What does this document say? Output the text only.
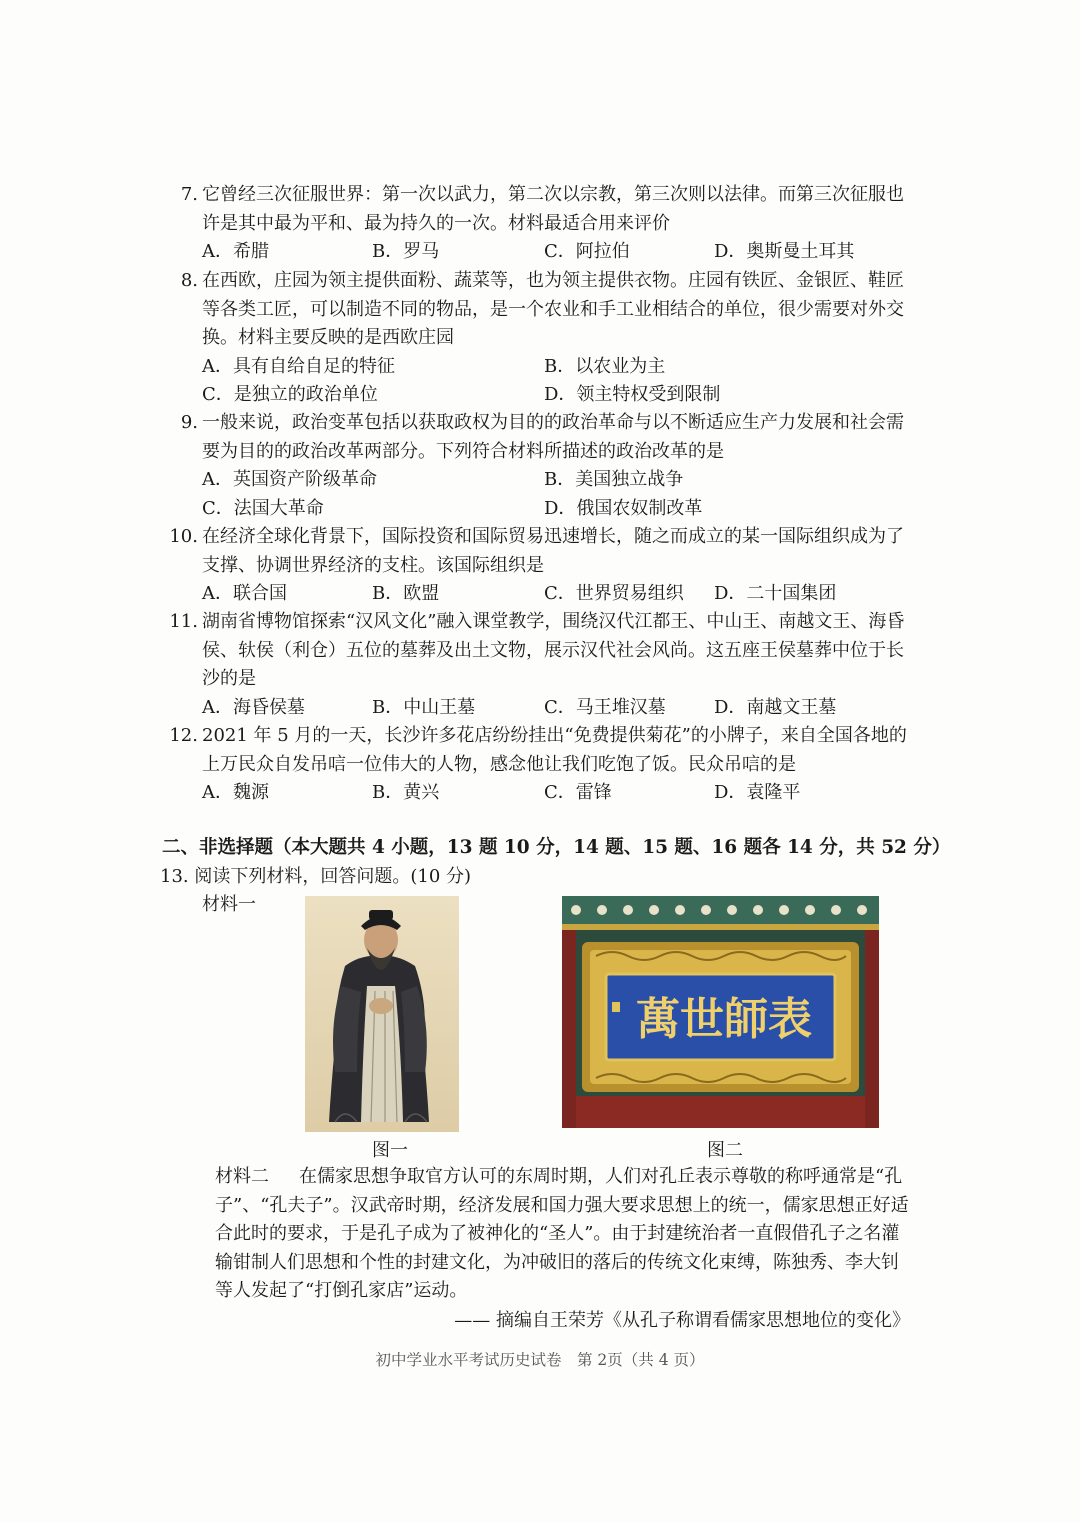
7. 它曾经三次征服世界：第一次以武力，第二次以宗教，第三次则以法律。而第三次征服也许是其中最为平和、最为持久的一次。材料最适合用来评价
A．希腊	B．罗马	C．阿拉伯	D．奥斯曼土耳其
8. 在西欧，庄园为领主提供面粉、蔬菜等，也为领主提供衣物。庄园有铁匠、金银匠、鞋匠等各类工匠，可以制造不同的物品，是一个农业和手工业相结合的单位，很少需要对外交换。材料主要反映的是西欧庄园
A．具有自给自足的特征	B．以农业为主
C．是独立的政治单位	D．领主特权受到限制
9. 一般来说，政治变革包括以获取政权为目的的政治革命与以不断适应生产力发展和社会需要为目的的政治改革两部分。下列符合材料所描述的政治改革的是
A．英国资产阶级革命	B．美国独立战争
C．法国大革命	D．俄国农奴制改革
10. 在经济全球化背景下，国际投资和国际贸易迅速增长，随之而成立的某一国际组织成为了支撑、协调世界经济的支柱。该国际组织是
A．联合国	B．欧盟	C．世界贸易组织 D．二十国集团
11. 湖南省博物馆探索“汉风文化”融入课堂教学，围绕汉代江都王、中山王、南越文王、海昏侯、轪侯（利仓）五位的墓葬及出土文物，展示汉代社会风尚。这五座王侯墓葬中位于长沙的是
A．海昏侯墓	B．中山王墓	C．马王堆汉墓	D．南越文王墓
12. 2021 年 5 月的一天，长沙许多花店纷纷挂出“免费提供菊花”的小牌子，来自全国各地的上万民众自发吊唁一位伟大的人物，感念他让我们吃饱了饭。民众吊唁的是
A．魏源	B．黄兴	C．雷锋	D．袁隆平
二、非选择题（本大题共 4 小题，13 题 10 分，14 题、15 题、16 题各 14 分，共 52 分）
13. 阅读下列材料，回答问题。(10 分)
材料一
萬世師表
图一	图二

材料二 在儒家思想争取官方认可的东周时期，人们对孔丘表示尊敬的称呼通常是“孔子”、“孔夫子”。汉武帝时期，经济发展和国力强大要求思想上的统一，儒家思想正好适合此时的要求，于是孔子成为了被神化的“圣人”。由于封建统治者一直假借孔子之名灌输钳制人们思想和个性的封建文化，为冲破旧的落后的传统文化束缚，陈独秀、李大钊等人发起了“打倒孔家店”运动。

—— 摘编自王荣芳《从孔子称谓看儒家思想地位的变化》
初中学业水平考试历史试卷　第 2页（共 4 页）
